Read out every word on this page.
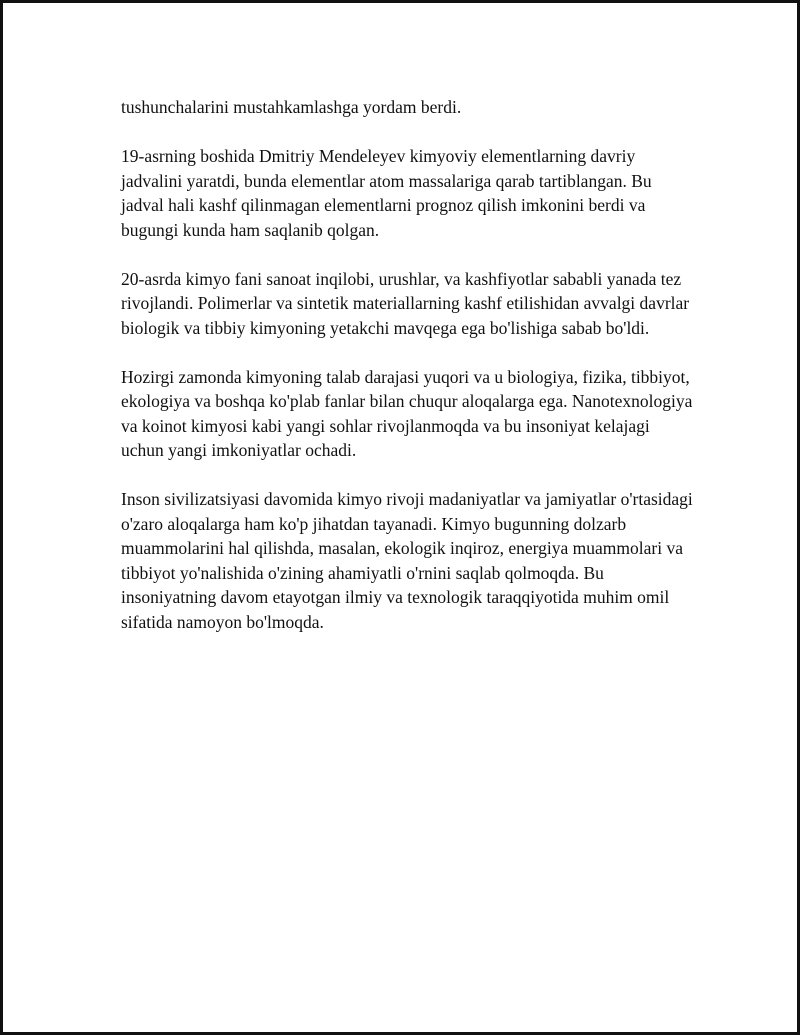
tushunchalarini mustahkamlashga yordam berdi.

19-asrning boshida Dmitriy Mendeleyev kimyoviy elementlarning davriy jadvalini yaratdi, bunda elementlar atom massalariga qarab tartiblangan. Bu jadval hali kashf qilinmagan elementlarni prognoz qilish imkonini berdi va bugungi kunda ham saqlanib qolgan.

20-asrda kimyo fani sanoat inqilobi, urushlar, va kashfiyotlar sababli yanada tez rivojlandi. Polimerlar va sintetik materiallarning kashf etilishidan avvalgi davrlar biologik va tibbiy kimyoning yetakchi mavqega ega bo'lishiga sabab bo'ldi.

Hozirgi zamonda kimyoning talab darajasi yuqori va u biologiya, fizika, tibbiyot, ekologiya va boshqa ko'plab fanlar bilan chuqur aloqalarga ega. Nanotexnologiya va koinot kimyosi kabi yangi sohlar rivojlanmoqda va bu insoniyat kelajagi uchun yangi imkoniyatlar ochadi.

Inson sivilizatsiyasi davomida kimyo rivoji madaniyatlar va jamiyatlar o'rtasidagi o'zaro aloqalarga ham ko'p jihatdan tayanadi. Kimyo bugunning dolzarb muammolarini hal qilishda, masalan, ekologik inqiroz, energiya muammolari va tibbiyot yo'nalishida o'zining ahamiyatli o'rnini saqlab qolmoqda. Bu insoniyatning davom etayotgan ilmiy va texnologik taraqqiyotida muhim omil sifatida namoyon bo'lmoqda.
